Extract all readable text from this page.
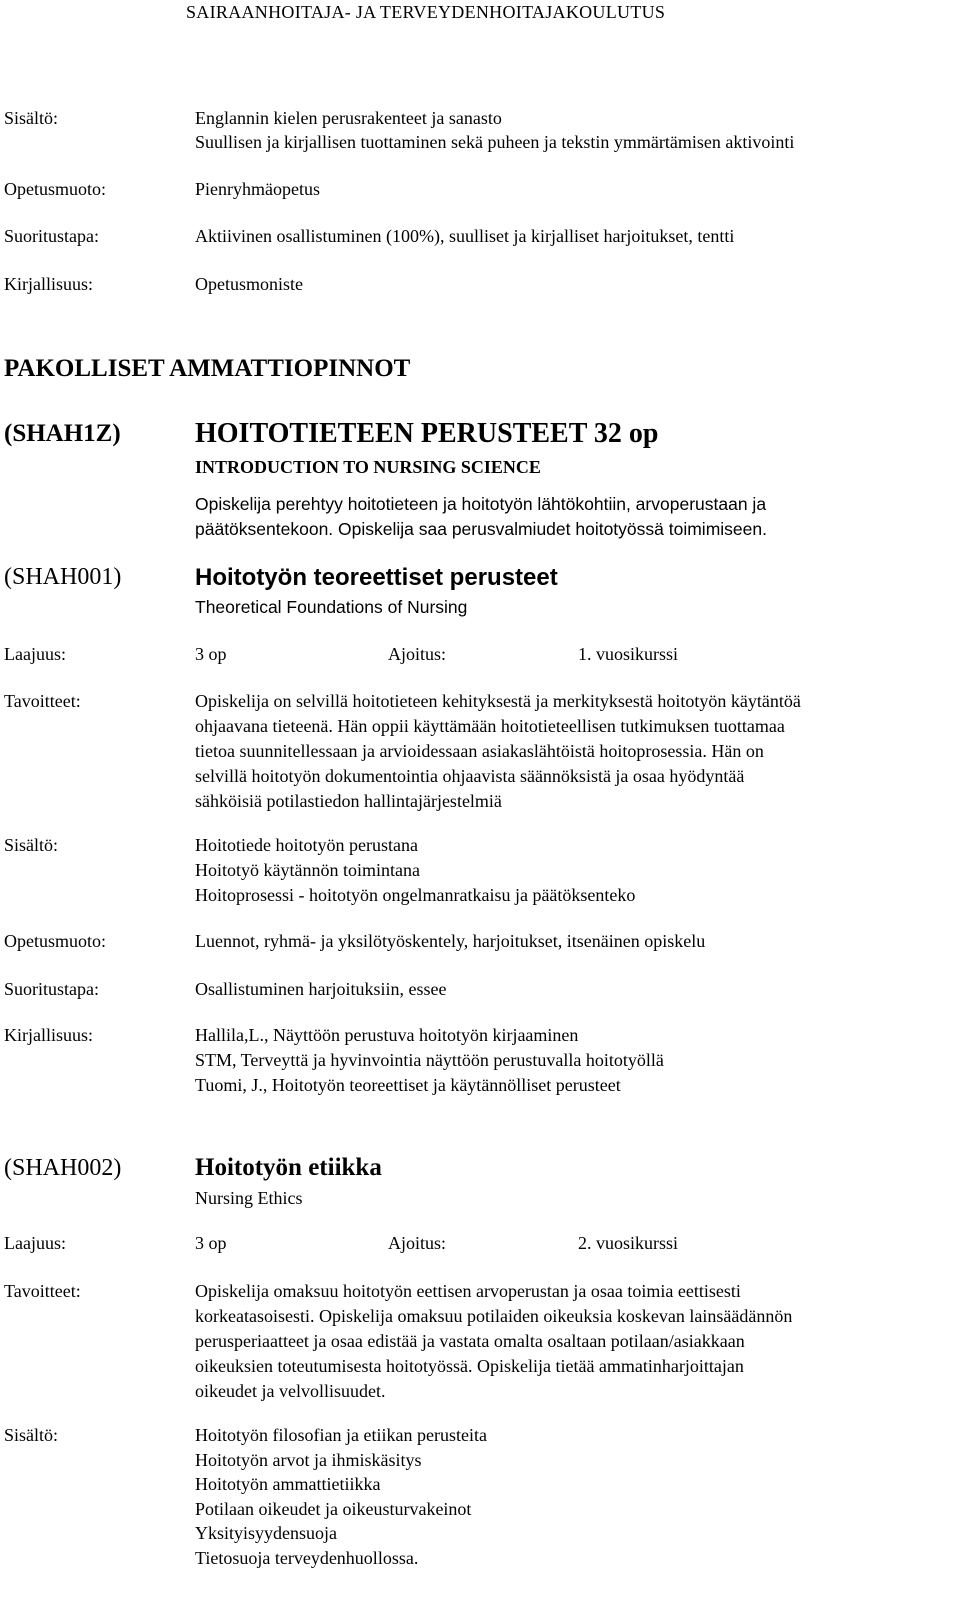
SAIRAANHOITAJA- JA TERVEYDENHOITAJAKOULUTUS
Sisältö:	Englannin kielen perusrakenteet ja sanasto
Suullisen ja kirjallisen tuottaminen sekä puheen ja tekstin ymmärtämisen aktivointi
Opetusmuoto:	Pienryhmäopetus
Suoritustapa:	Aktiivinen osallistuminen (100%), suulliset ja kirjalliset harjoitukset, tentti
Kirjallisuus:	Opetusmoniste
PAKOLLISET AMMATTIOPINNOT
(SHAH1Z)	HOITOTIETEEN PERUSTEET 32 op
INTRODUCTION TO NURSING SCIENCE
Opiskelija perehtyy hoitotieteen ja hoitotyön lähtökohtiin, arvoperustaan ja
päätöksentekoon. Opiskelija saa perusvalmiudet hoitotyössä toimimiseen.
(SHAH001)	Hoitotyön teoreettiset perusteet
Theoretical Foundations of Nursing
Laajuus:	3 op	Ajoitus:	1. vuosikurssi
Tavoitteet:	Opiskelija on selvillä hoitotieteen kehityksestä ja merkityksestä hoitotyön käytäntöä
ohjaavana tieteenä. Hän oppii käyttämään hoitotieteellisen tutkimuksen tuottamaa
tietoa suunnitellessaan ja arvioidessaan asiakaslähtöistä hoitoprosessia. Hän on
selvillä hoitotyön dokumentointia ohjaavista säännöksistä ja osaa hyödyntää
sähköisiä potilastiedon hallintajärjestelmiä
Sisältö:	Hoitotiede hoitotyön perustana
Hoitotyö käytännön toimintana
Hoitoprosessi - hoitotyön ongelmanratkaisu ja päätöksenteko
Opetusmuoto:	Luennot, ryhmä- ja yksilötyöskentely, harjoitukset, itsenäinen opiskelu
Suoritustapa:	Osallistuminen harjoituksiin, essee
Kirjallisuus:	Hallila,L., Näyttöön perustuva hoitotyön kirjaaminen
STM, Terveyttä ja hyvinvointia näyttöön perustuvalla hoitotyöllä
Tuomi, J., Hoitotyön teoreettiset ja käytännölliset perusteet
(SHAH002)	Hoitotyön etiikka
Nursing Ethics
Laajuus:	3 op	Ajoitus:	2. vuosikurssi
Tavoitteet:	Opiskelija omaksuu hoitotyön eettisen arvoperustan ja osaa toimia eettisesti
korkeatasoisesti. Opiskelija omaksuu potilaiden oikeuksia koskevan lainsäädännön
perusperiaatteet ja osaa edistää ja vastata omalta osaltaan potilaan/asiakkaan
oikeuksien toteutumisesta hoitotyössä. Opiskelija tietää ammatinharjoittajan
oikeudet ja velvollisuudet.
Sisältö:	Hoitotyön filosofian ja etiikan perusteita
Hoitotyön arvot ja ihmiskäsitys
Hoitotyön ammattietiikka
Potilaan oikeudet ja oikeusturvakeinot
Yksityisyydensuoja
Tietosuoja terveydenhuollossa.
